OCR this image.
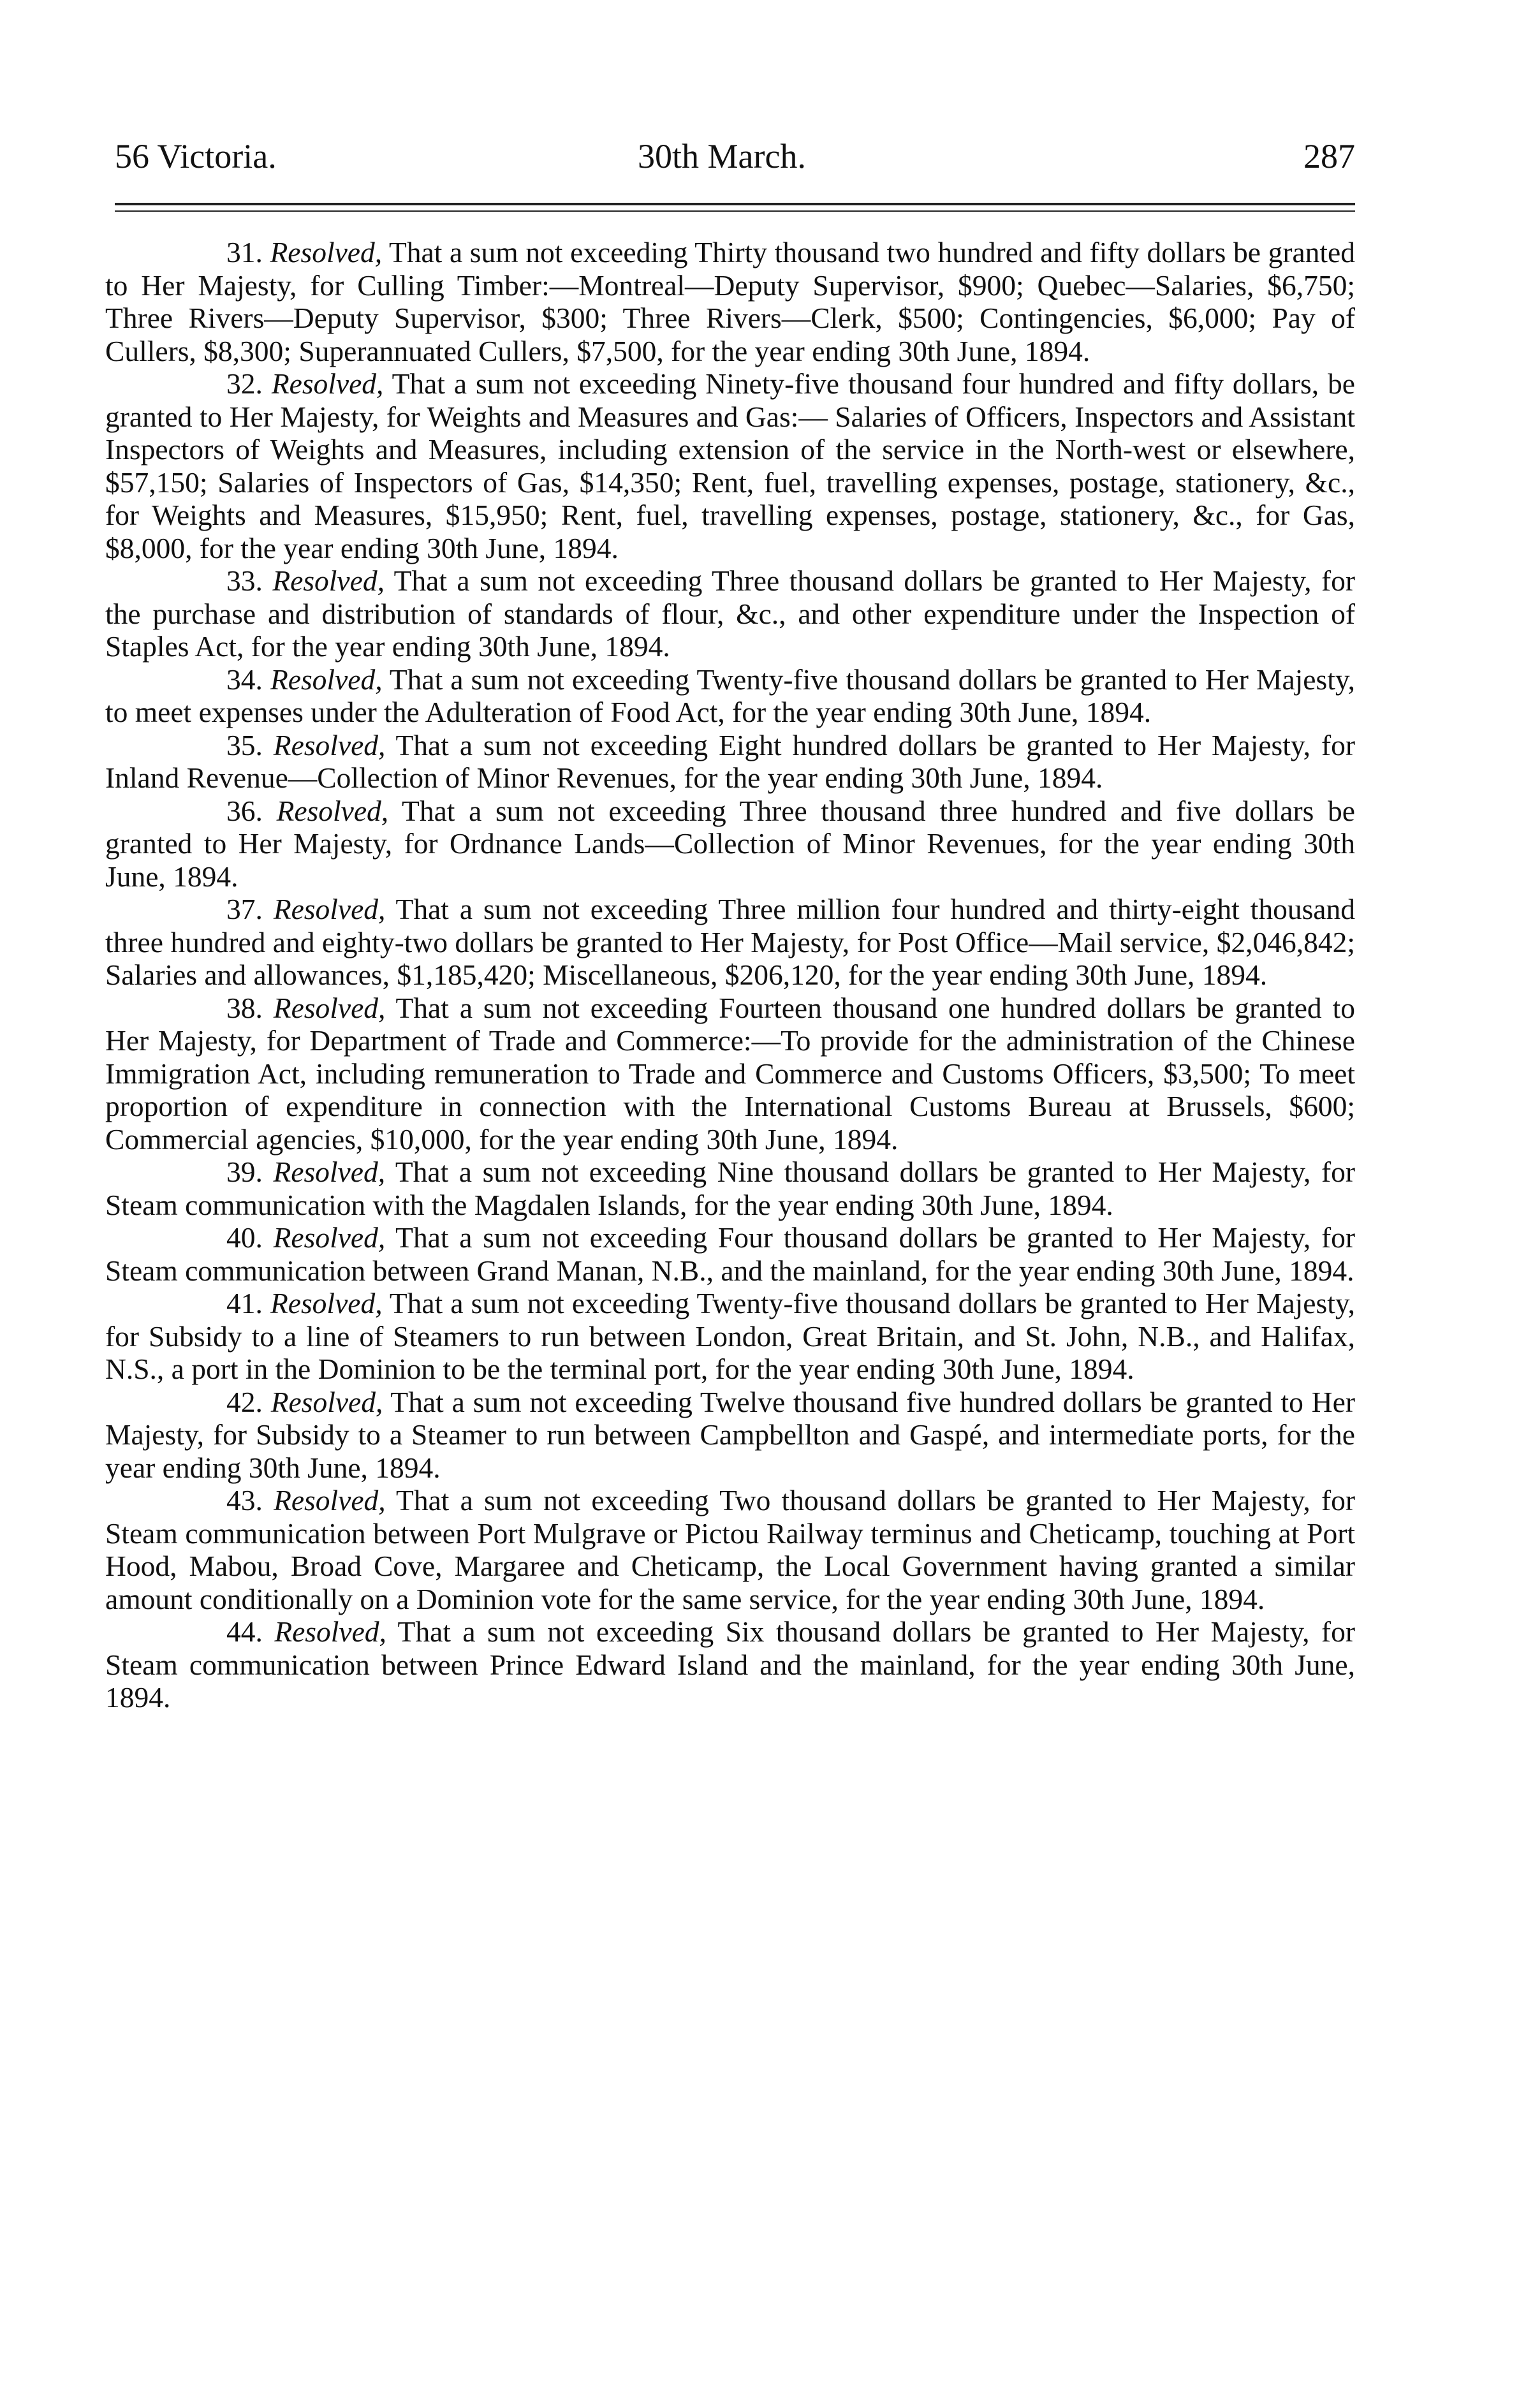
56 Victoria.	30th March.	287

31. Resolved, That a sum not exceeding Thirty thousand two hundred and fifty dollars be granted to Her Majesty, for Culling Timber:—Montreal—Deputy Supervisor, $900; Quebec—Salaries, $6,750; Three Rivers—Deputy Supervisor, $300; Three Rivers—Clerk, $500; Contingencies, $6,000; Pay of Cullers, $8,300; Superannuated Cullers, $7,500, for the year ending 30th June, 1894.

32. Resolved, That a sum not exceeding Ninety-five thousand four hundred and fifty dollars, be granted to Her Majesty, for Weights and Measures and Gas:— Salaries of Officers, Inspectors and Assistant Inspectors of Weights and Measures, including extension of the service in the North-west or elsewhere, $57,150; Salaries of Inspectors of Gas, $14,350; Rent, fuel, travelling expenses, postage, stationery, &c., for Weights and Measures, $15,950; Rent, fuel, travelling expenses, postage, stationery, &c., for Gas, $8,000, for the year ending 30th June, 1894.

33. Resolved, That a sum not exceeding Three thousand dollars be granted to Her Majesty, for the purchase and distribution of standards of flour, &c., and other expenditure under the Inspection of Staples Act, for the year ending 30th June, 1894.

34. Resolved, That a sum not exceeding Twenty-five thousand dollars be granted to Her Majesty, to meet expenses under the Adulteration of Food Act, for the year ending 30th June, 1894.

35. Resolved, That a sum not exceeding Eight hundred dollars be granted to Her Majesty, for Inland Revenue—Collection of Minor Revenues, for the year ending 30th June, 1894.

36. Resolved, That a sum not exceeding Three thousand three hundred and five dollars be granted to Her Majesty, for Ordnance Lands—Collection of Minor Revenues, for the year ending 30th June, 1894.

37. Resolved, That a sum not exceeding Three million four hundred and thirty-eight thousand three hundred and eighty-two dollars be granted to Her Majesty, for Post Office—Mail service, $2,046,842; Salaries and allowances, $1,185,420; Miscellaneous, $206,120, for the year ending 30th June, 1894.

38. Resolved, That a sum not exceeding Fourteen thousand one hundred dollars be granted to Her Majesty, for Department of Trade and Commerce:—To provide for the administration of the Chinese Immigration Act, including remuneration to Trade and Commerce and Customs Officers, $3,500; To meet proportion of expenditure in connection with the International Customs Bureau at Brussels, $600; Commercial agencies, $10,000, for the year ending 30th June, 1894.

39. Resolved, That a sum not exceeding Nine thousand dollars be granted to Her Majesty, for Steam communication with the Magdalen Islands, for the year ending 30th June, 1894.

40. Resolved, That a sum not exceeding Four thousand dollars be granted to Her Majesty, for Steam communication between Grand Manan, N.B., and the mainland, for the year ending 30th June, 1894.

41. Resolved, That a sum not exceeding Twenty-five thousand dollars be granted to Her Majesty, for Subsidy to a line of Steamers to run between London, Great Britain, and St. John, N.B., and Halifax, N.S., a port in the Dominion to be the terminal port, for the year ending 30th June, 1894.

42. Resolved, That a sum not exceeding Twelve thousand five hundred dollars be granted to Her Majesty, for Subsidy to a Steamer to run between Campbellton and Gaspé, and intermediate ports, for the year ending 30th June, 1894.

43. Resolved, That a sum not exceeding Two thousand dollars be granted to Her Majesty, for Steam communication between Port Mulgrave or Pictou Railway terminus and Cheticamp, touching at Port Hood, Mabou, Broad Cove, Margaree and Cheticamp, the Local Government having granted a similar amount conditionally on a Dominion vote for the same service, for the year ending 30th June, 1894.

44. Resolved, That a sum not exceeding Six thousand dollars be granted to Her Majesty, for Steam communication between Prince Edward Island and the mainland, for the year ending 30th June, 1894.
